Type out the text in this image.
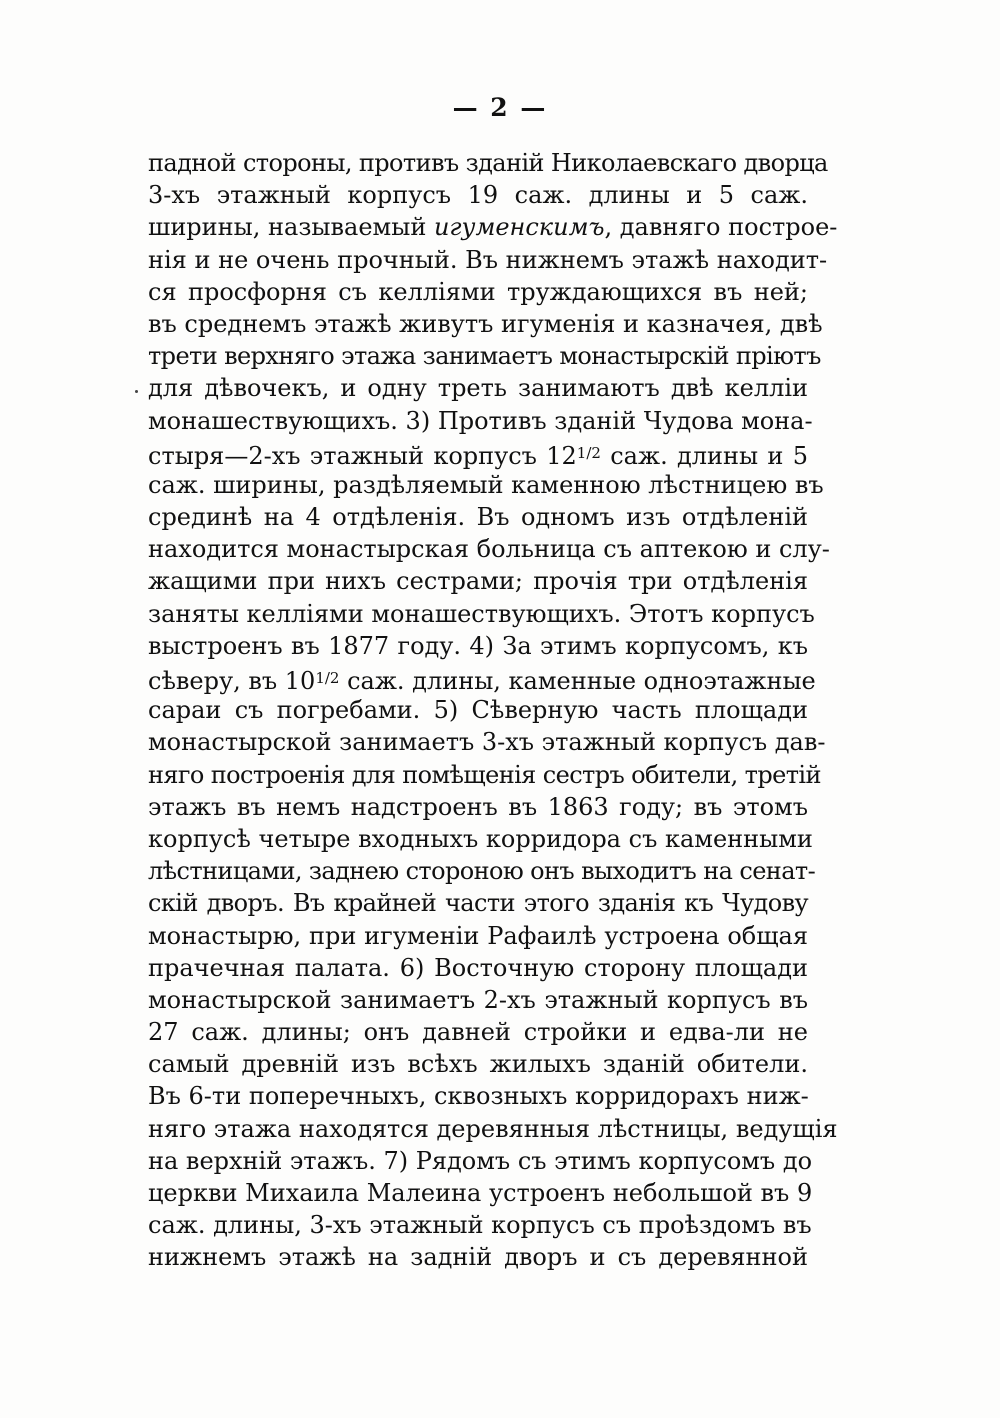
— 2 —
падной стороны, противъ зданій Николаевскаго дворца
3-хъ этажный корпусъ 19 саж. длины и 5 саж.
ширины, называемый игуменскимъ, давняго построе-
нія и не очень прочный. Въ нижнемъ этажѣ находит-
ся просфорня съ келліями труждающихся въ ней;
въ среднемъ этажѣ живутъ игуменія и казначея, двѣ
трети верхняго этажа занимаетъ монастырскій пріютъ
для дѣвочекъ, и одну треть занимаютъ двѣ келліи
монашествующихъ. 3) Противъ зданій Чудова мона-
стыря—2-хъ этажный корпусъ $12^{1/2}$ саж. длины и 5
саж. ширины, раздѣляемый каменною лѣстницею въ
срединѣ на 4 отдѣленія. Въ одномъ изъ отдѣленій
находится монастырская больница съ аптекою и слу-
жащими при нихъ сестрами; прочія три отдѣленія
заняты келліями монашествующихъ. Этотъ корпусъ
выстроенъ въ 1877 году. 4) За этимъ корпусомъ, къ
сѣверу, въ $10^{1/2}$ саж. длины, каменные одноэтажные
сараи съ погребами. 5) Сѣверную часть площади
монастырской занимаетъ 3-хъ этажный корпусъ дав-
няго построенія для помѣщенія сестръ обители, третій
этажъ въ немъ надстроенъ въ 1863 году; въ этомъ
корпусѣ четыре входныхъ корридора съ каменными
лѣстницами, заднею стороною онъ выходитъ на сенат-
скій дворъ. Въ крайней части этого зданія къ Чудову
монастырю, при игуменіи Рафаилѣ устроена общая
прачечная палата. 6) Восточную сторону площади
монастырской занимаетъ 2-хъ этажный корпусъ въ
27 саж. длины; онъ давней стройки и едва-ли не
самый древній изъ всѣхъ жилыхъ зданій обители.
Въ 6-ти поперечныхъ, сквозныхъ корридорахъ ниж-
няго этажа находятся деревянныя лѣстницы, ведущія
на верхній этажъ. 7) Рядомъ съ этимъ корпусомъ до
церкви Михаила Малеина устроенъ небольшой въ 9
саж. длины, 3-хъ этажный корпусъ съ проѣздомъ въ
нижнемъ этажѣ на задній дворъ и съ деревянной
